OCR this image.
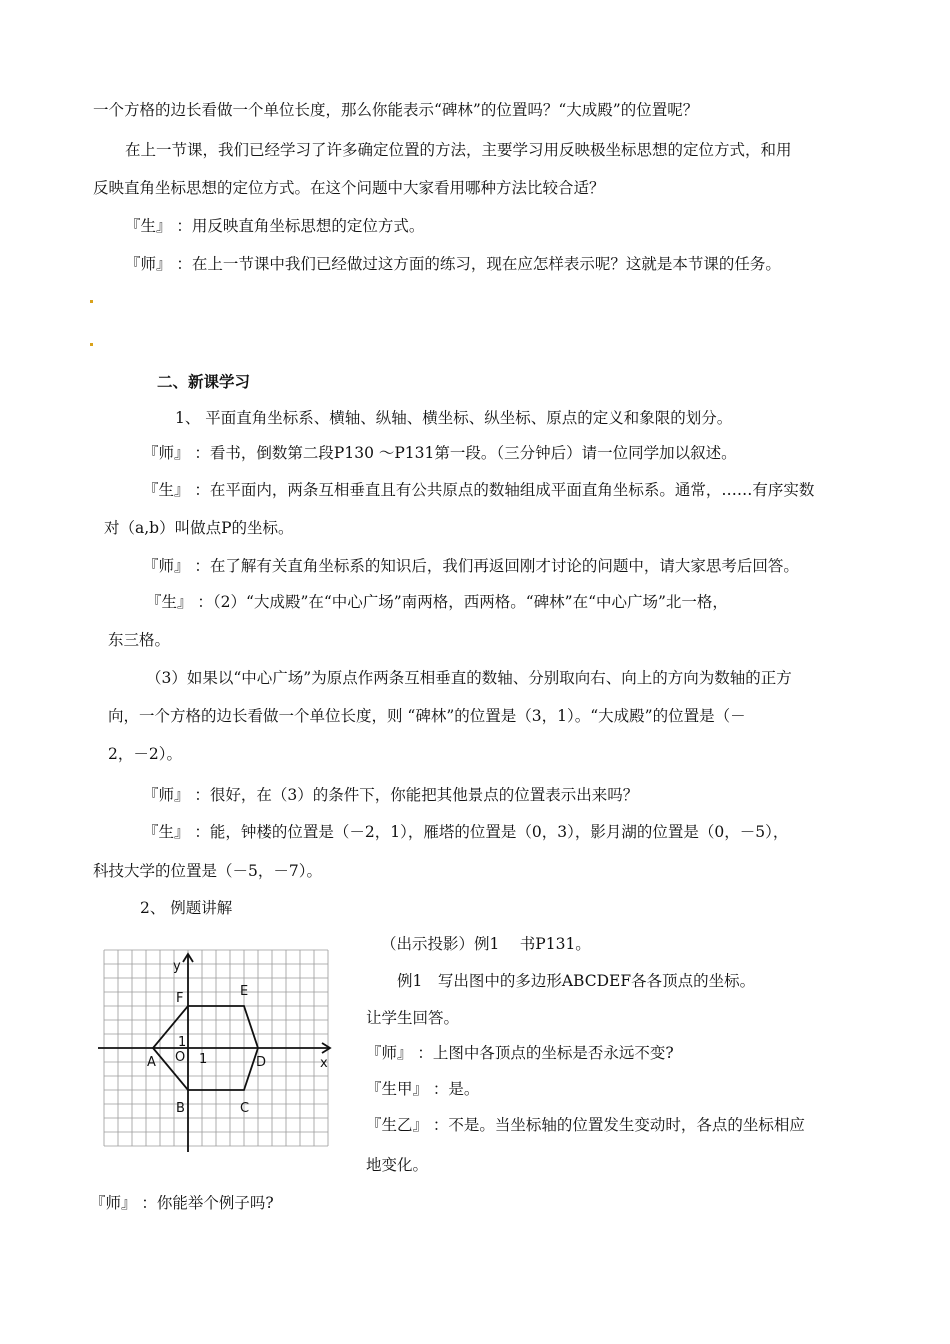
一个方格的边长看做一个单位长度，那么你能表示“碑林”的位置吗？“大成殿”的位置呢？
在上一节课，我们已经学习了许多确定位置的方法，主要学习用反映极坐标思想的定位方式，和用
反映直角坐标思想的定位方式。在这个问题中大家看用哪种方法比较合适？
『生』 ：用反映直角坐标思想的定位方式。
『师』 ：在上一节课中我们已经做过这方面的练习，现在应怎样表示呢？这就是本节课的任务。
二、新课学习
1、 平面直角坐标系、横轴、纵轴、横坐标、纵坐标、原点的定义和象限的划分。
『师』 ：看书，倒数第二段P130 ～P131第一段。（三分钟后）请一位同学加以叙述。
『生』 ：在平面内，两条互相垂直且有公共原点的数轴组成平面直角坐标系。通常，……有序实数
对（a,b）叫做点P的坐标。
『师』 ：在了解有关直角坐标系的知识后，我们再返回刚才讨论的问题中，请大家思考后回答。
『生』 ：（2）“大成殿”在“中心广场”南两格，西两格。“碑林”在“中心广场”北一格，
东三格。
（3）如果以“中心广场”为原点作两条互相垂直的数轴、分别取向右、向上的方向为数轴的正方
向，一个方格的边长看做一个单位长度，则 “碑林”的位置是（3，1）。“大成殿”的位置是（－
2，－2）。
『师』 ：很好，在（3）的条件下，你能把其他景点的位置表示出来吗？
『生』 ：能，钟楼的位置是（－2，1），雁塔的位置是（0，3），影月湖的位置是（0，－5），
科技大学的位置是（－5，－7）。
2、 例题讲解
y
x
O 1
1
A
B	C
D
E
F
（出示投影）例1　 书P131。
例1　写出图中的多边形ABCDEF各各顶点的坐标。
让学生回答。
『师』 ：上图中各顶点的坐标是否永远不变?
『生甲』 ：是。
『生乙』 ：不是。当坐标轴的位置发生变动时，各点的坐标相应
地变化。
『师』 ：你能举个例子吗?
